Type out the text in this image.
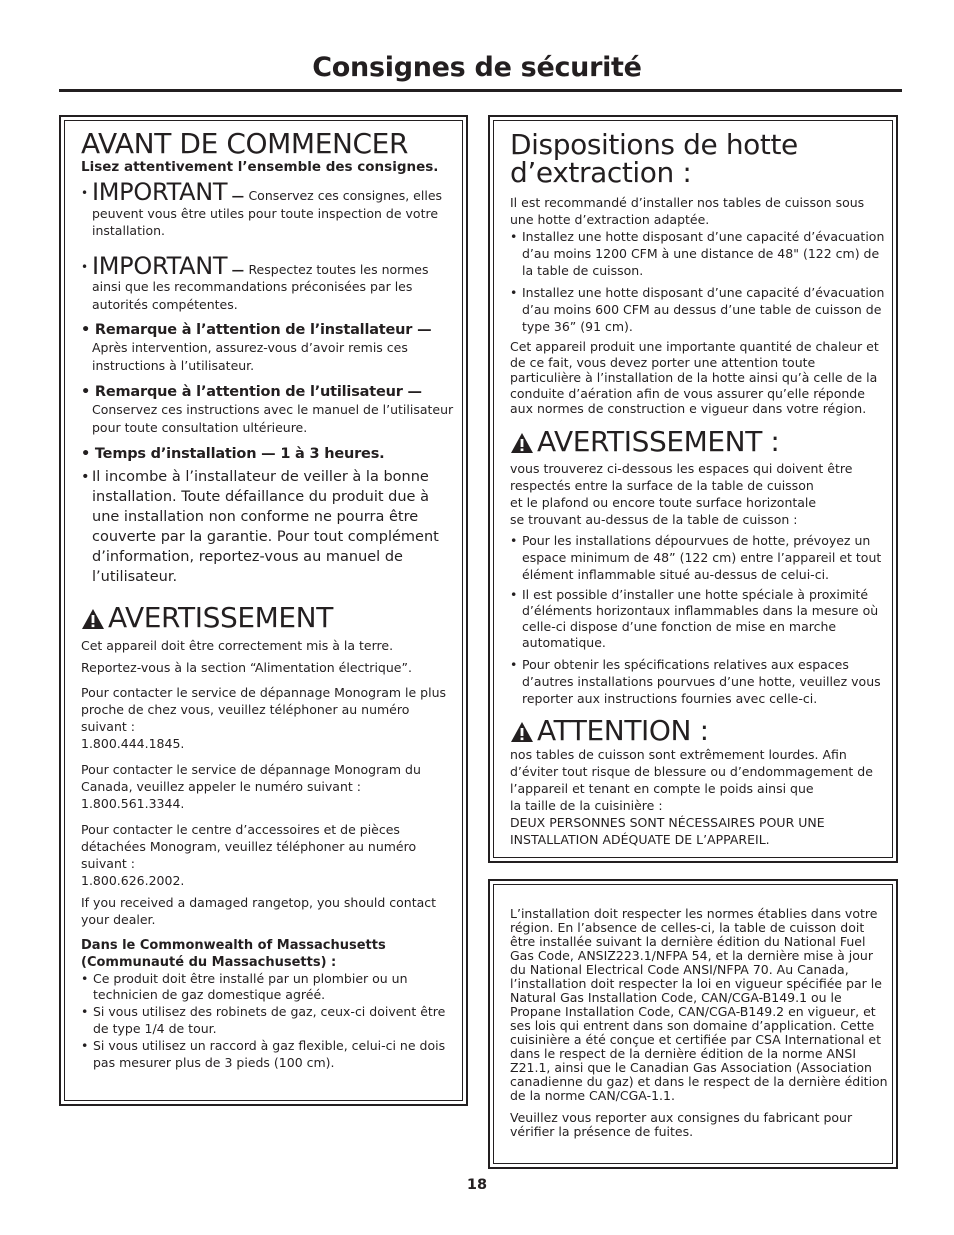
Consignes de sécurité
AVANT DE COMMENCER
Lisez attentivement l’ensemble des consignes.
• IMPORTANT — Conservez ces consignes, elles
peuvent vous être utiles pour toute inspection de votre installation.
• IMPORTANT — Respectez toutes les normes
ainsi que les recommandations préconisées par les autorités compétentes.
• Remarque à l’attention de l’installateur —
Après intervention, assurez-vous d’avoir remis ces instructions à l’utilisateur.
• Remarque à l’attention de l’utilisateur —
Conservez ces instructions avec le manuel de l’utilisateur pour toute consultation ultérieure.
• Temps d’installation — 1 à 3 heures.
• Il incombe à l’installateur de veiller à la bonne installation. Toute défaillance du produit due à une installation non conforme ne pourra être couverte par la garantie. Pour tout complément d’information, reportez-vous au manuel de l’utilisateur.
AVERTISSEMENT
Cet appareil doit être correctement mis à la terre.
Reportez-vous à la section “Alimentation électrique”.
Pour contacter le service de dépannage Monogram le plus proche de chez vous, veuillez téléphoner au numéro suivant :
1.800.444.1845.
Pour contacter le service de dépannage Monogram du Canada, veuillez appeler le numéro suivant :
1.800.561.3344.
Pour contacter le centre d’accessoires et de pièces détachées Monogram, veuillez téléphoner au numéro suivant :
1.800.626.2002.
If you received a damaged rangetop, you should contact your dealer.
Dans le Commonwealth of Massachusetts (Communauté du Massachusetts) :
• Ce produit doit être installé par un plombier ou un technicien de gaz domestique agréé.
• Si vous utilisez des robinets de gaz, ceux-ci doivent être de type 1/4 de tour.
• Si vous utilisez un raccord à gaz flexible, celui-ci ne dois pas mesurer plus de 3 pieds (100 cm).
Dispositions de hotte d’extraction :
Il est recommandé d’installer nos tables de cuisson sous une hotte d’extraction adaptée.
• Installez une hotte disposant d’une capacité d’évacuation d’au moins 1200 CFM à une distance de 48" (122 cm) de la table de cuisson.
• Installez une hotte disposant d’une capacité d’évacuation d’au moins 600 CFM au dessus d’une table de cuisson de type 36” (91 cm).
Cet appareil produit une importante quantité de chaleur et de ce fait, vous devez porter une attention toute particulière à l’installation de la hotte ainsi qu’à celle de la conduite d’aération afin de vous assurer qu’elle réponde aux normes de construction e vigueur dans votre région.
AVERTISSEMENT :
vous trouverez ci-dessous les espaces qui doivent être respectés entre la surface de la table de cuisson
et le plafond ou encore toute surface horizontale
se trouvant au-dessus de la table de cuisson :
• Pour les installations dépourvues de hotte, prévoyez un espace minimum de 48” (122 cm) entre l’appareil et tout élément inflammable situé au-dessus de celui-ci.
• Il est possible d’installer une hotte spéciale à proximité d’éléments horizontaux inflammables dans la mesure où celle-ci dispose d’une fonction de mise en marche automatique.
• Pour obtenir les spécifications relatives aux espaces d’autres installations pourvues d’une hotte, veuillez vous reporter aux instructions fournies avec celle-ci.
ATTENTION :
nos tables de cuisson sont extrêmement lourdes. Afin d’éviter tout risque de blessure ou d’endommagement de l’appareil et tenant en compte le poids ainsi que
la taille de la cuisinière :
DEUX PERSONNES SONT NÉCESSAIRES POUR UNE INSTALLATION ADÉQUATE DE L’APPAREIL.
L’installation doit respecter les normes établies dans votre région. En l’absence de celles-ci, la table de cuisson doit être installée suivant la dernière édition du National Fuel Gas Code, ANSIZ223.1/NFPA 54, et la dernière mise à jour du National Electrical Code ANSI/NFPA 70. Au Canada, l’installation doit respecter la loi en vigueur spécifiée par le Natural Gas Installation Code, CAN/CGA-B149.1 ou le Propane Installation Code, CAN/CGA-B149.2 en vigueur, et ses lois qui entrent dans son domaine d’application. Cette cuisinière a été conçue et certifiée par CSA International et dans le respect de la dernière édition de la norme ANSI Z21.1, ainsi que le Canadian Gas Association (Association canadienne du gaz) et dans le respect de la dernière édition de la norme CAN/CGA-1.1.
Veuillez vous reporter aux consignes du fabricant pour vérifier la présence de fuites.
18
